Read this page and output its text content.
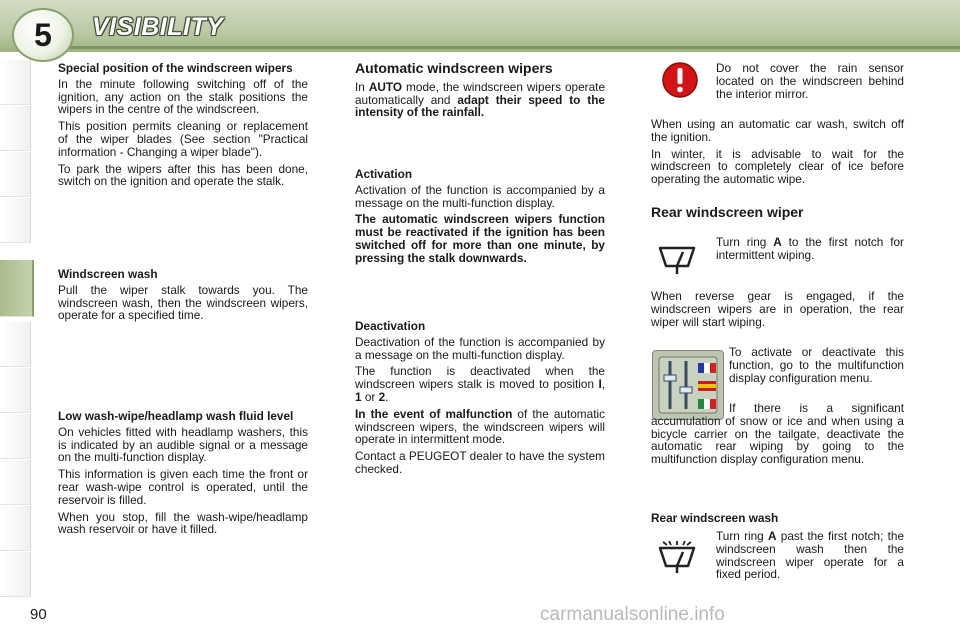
5	VISIBILITY
Special position of the windscreen wipers

In the minute following switching off of the ignition, any action on the stalk positions the wipers in the centre of the windscreen.

This position permits cleaning or replacement of the wiper blades (See section "Practical information - Changing a wiper blade").

To park the wipers after this has been done, switch on the ignition and operate the stalk.

Windscreen wash

Pull the wiper stalk towards you. The windscreen wash, then the windscreen wipers, operate for a specified time.

Low wash-wipe/headlamp wash fluid level

On vehicles fitted with headlamp washers, this is indicated by an audible signal or a message on the multi-function display.

This information is given each time the front or rear wash-wipe control is operated, until the reservoir is filled.

When you stop, fill the wash-wipe/headlamp wash reservoir or have it filled.

Automatic windscreen wipers

In AUTO mode, the windscreen wipers operate automatically and adapt their speed to the intensity of the rainfall.

Activation

Activation of the function is accompanied by a message on the multi-function display.

The automatic windscreen wipers function must be reactivated if the ignition has been switched off for more than one minute, by pressing the stalk downwards.

Deactivation

Deactivation of the function is accompanied by a message on the multi-function display.

The function is deactivated when the windscreen wipers stalk is moved to position I, 1 or 2.

In the event of malfunction of the automatic windscreen wipers, the windscreen wipers will operate in intermittent mode.

Contact a PEUGEOT dealer to have the system checked.

Do not cover the rain sensor located on the windscreen behind the interior mirror.

When using an automatic car wash, switch off the ignition.

In winter, it is advisable to wait for the windscreen to completely clear of ice before operating the automatic wipe.

Rear windscreen wiper

Turn ring A to the first notch for intermittent wiping.

When reverse gear is engaged, if the windscreen wipers are in operation, the rear wiper will start wiping.

To activate or deactivate this function, go to the multifunction display configuration menu.

If there is a significant accumulation of snow or ice and when using a bicycle carrier on the tailgate, deactivate the automatic rear wiping by going to the multifunction display configuration menu.

Rear windscreen wash

Turn ring A past the first notch; the windscreen wash then the windscreen wiper operate for a fixed period.

90	carmanualsonline.info
